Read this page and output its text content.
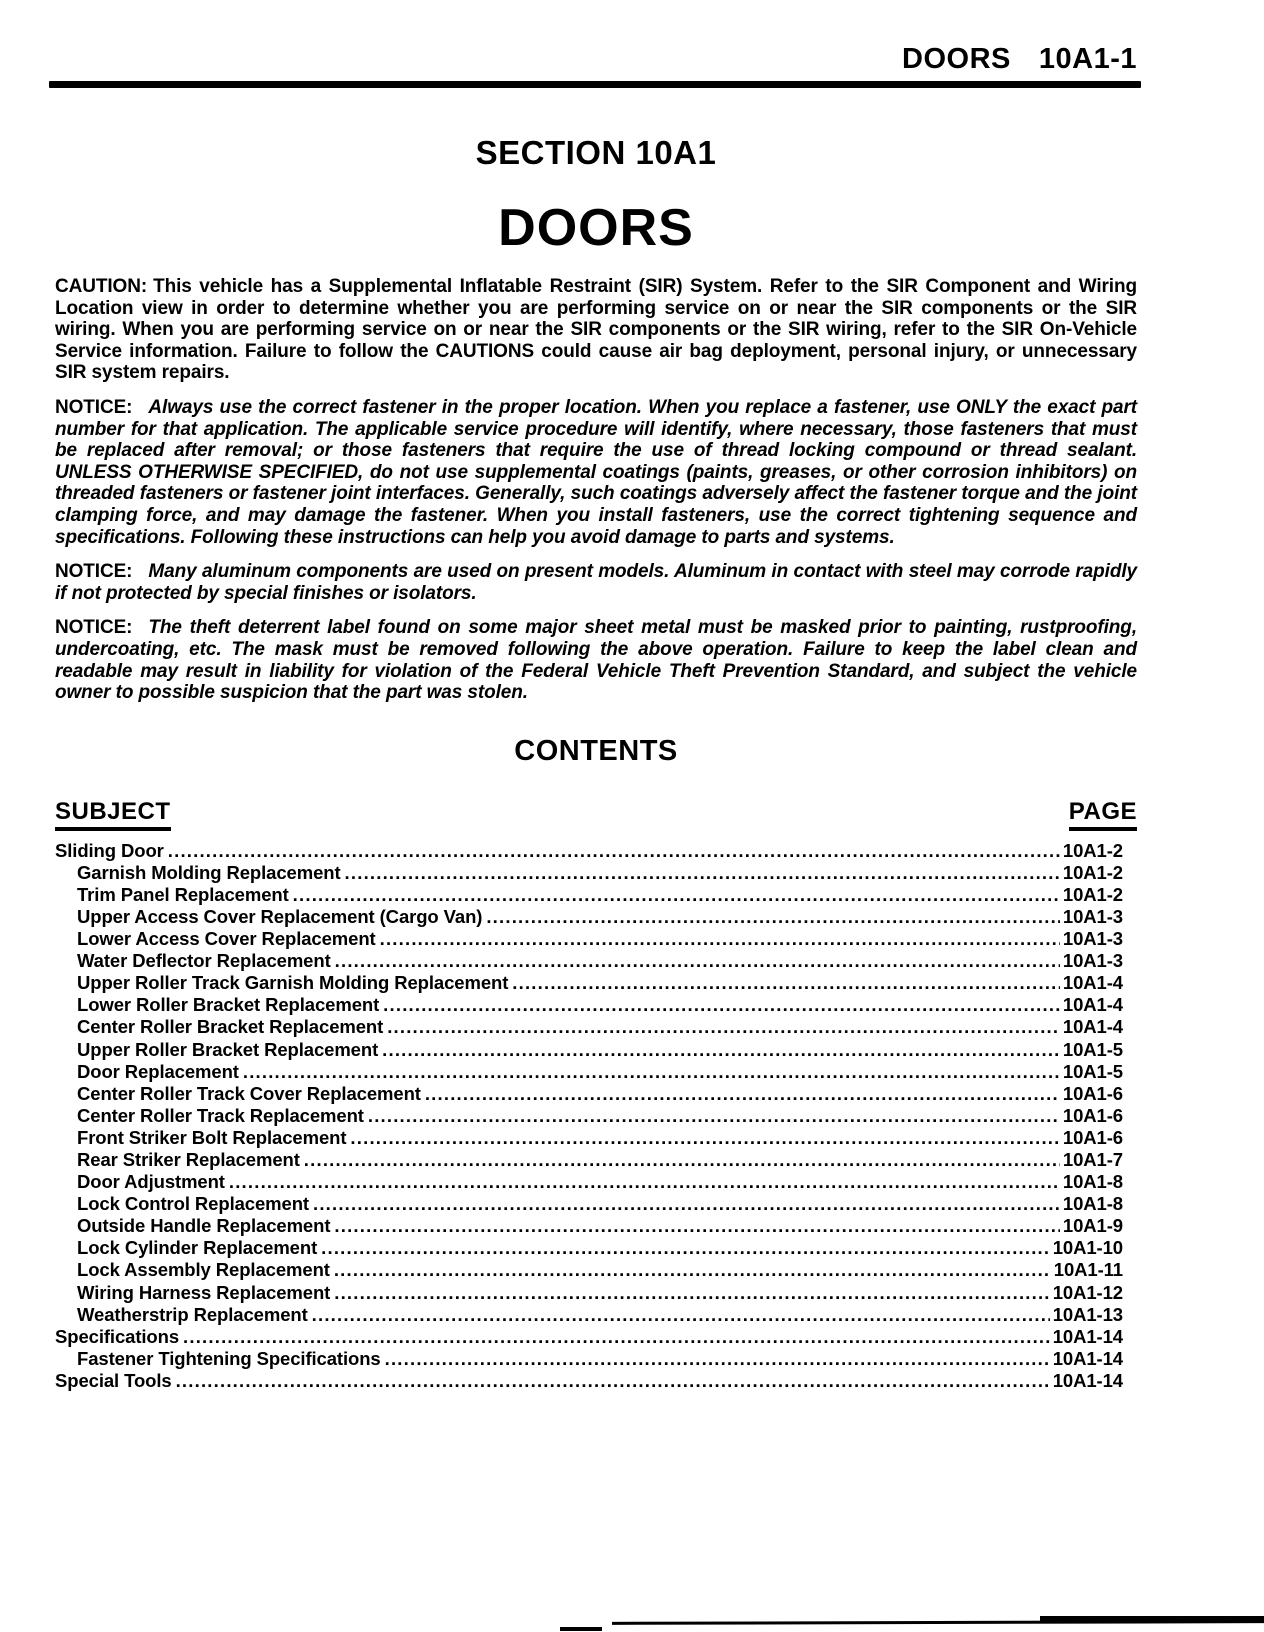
DOORS 10A1-1
SECTION 10A1
DOORS

CAUTION: This vehicle has a Supplemental Inflatable Restraint (SIR) System. Refer to the SIR Component and Wiring Location view in order to determine whether you are performing service on or near the SIR components or the SIR wiring. When you are performing service on or near the SIR components or the SIR wiring, refer to the SIR On-Vehicle Service information. Failure to follow the CAUTIONS could cause air bag deployment, personal injury, or unnecessary SIR system repairs.

NOTICE: Always use the correct fastener in the proper location. When you replace a fastener, use ONLY the exact part number for that application. The applicable service procedure will identify, where necessary, those fasteners that must be replaced after removal; or those fasteners that require the use of thread locking compound or thread sealant. UNLESS OTHERWISE SPECIFIED, do not use supplemental coatings (paints, greases, or other corrosion inhibitors) on threaded fasteners or fastener joint interfaces. Generally, such coatings adversely affect the fastener torque and the joint clamping force, and may damage the fastener. When you install fasteners, use the correct tightening sequence and specifications. Following these instructions can help you avoid damage to parts and systems.

NOTICE: Many aluminum components are used on present models. Aluminum in contact with steel may corrode rapidly if not protected by special finishes or isolators.

NOTICE: The theft deterrent label found on some major sheet metal must be masked prior to painting, rustproofing, undercoating, etc. The mask must be removed following the above operation. Failure to keep the label clean and readable may result in liability for violation of the Federal Vehicle Theft Prevention Standard, and subject the vehicle owner to possible suspicion that the part was stolen.

CONTENTS
SUBJECT	PAGE
Sliding Door .....	10A1-2
Garnish Molding Replacement .....	10A1-2
Trim Panel Replacement .....	10A1-2
Upper Access Cover Replacement (Cargo Van) .....	10A1-3
Lower Access Cover Replacement .....	10A1-3
Water Deflector Replacement .....	10A1-3
Upper Roller Track Garnish Molding Replacement .....	10A1-4
Lower Roller Bracket Replacement .....	10A1-4
Center Roller Bracket Replacement .....	10A1-4
Upper Roller Bracket Replacement .....	10A1-5
Door Replacement .....	10A1-5
Center Roller Track Cover Replacement .....	10A1-6
Center Roller Track Replacement .....	10A1-6
Front Striker Bolt Replacement .....	10A1-6
Rear Striker Replacement .....	10A1-7
Door Adjustment .....	10A1-8
Lock Control Replacement .....	10A1-8
Outside Handle Replacement .....	10A1-9
Lock Cylinder Replacement .....	10A1-10
Lock Assembly Replacement .....	10A1-11
Wiring Harness Replacement .....	10A1-12
Weatherstrip Replacement .....	10A1-13
Specifications .....	10A1-14
Fastener Tightening Specifications .....	10A1-14
Special Tools .....	10A1-14
